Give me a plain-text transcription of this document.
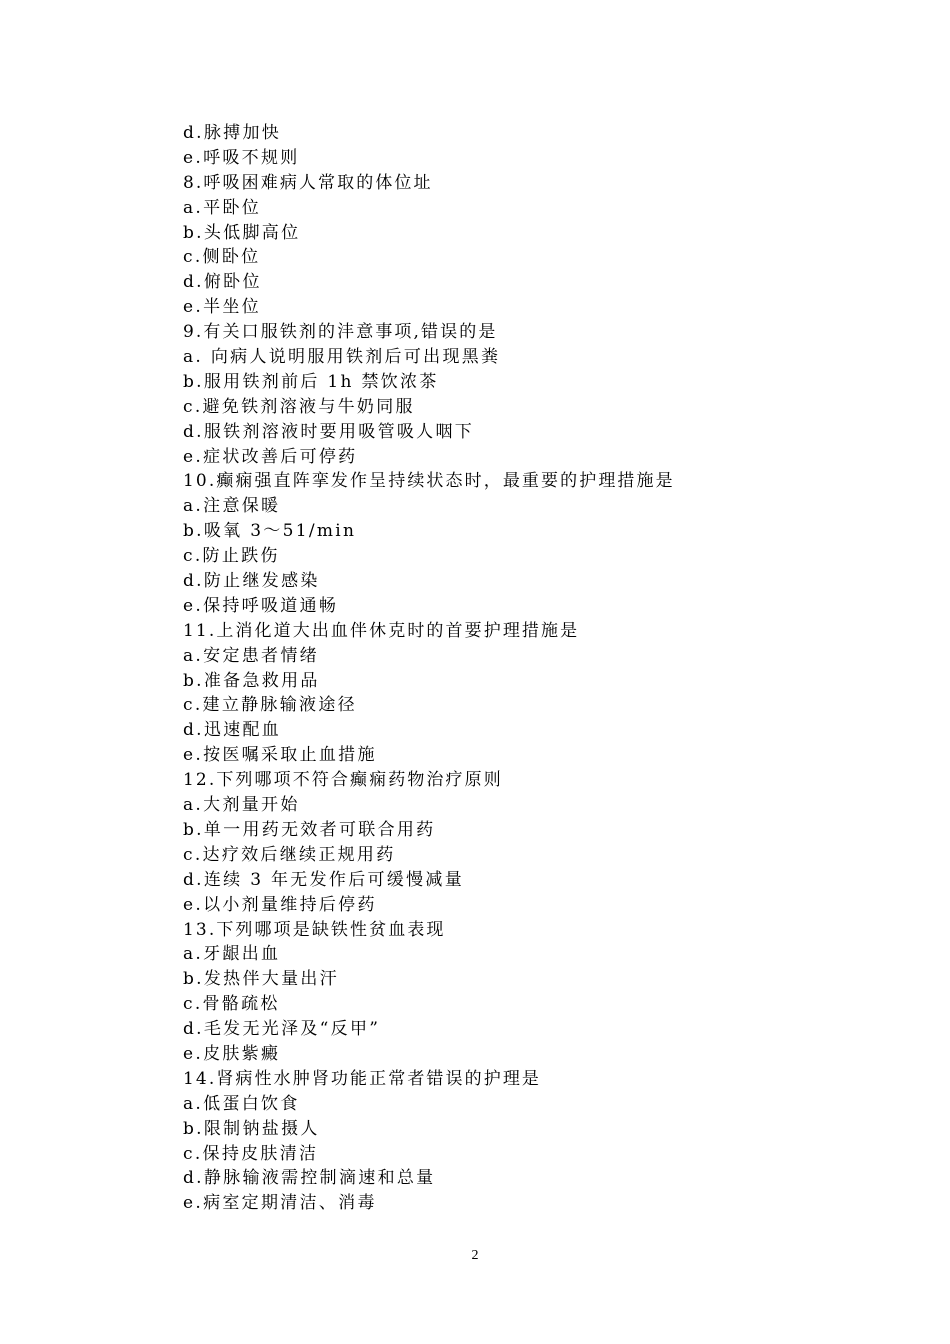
d.脉搏加快
e.呼吸不规则
8.呼吸困难病人常取的体位址
a.平卧位
b.头低脚高位
c.侧卧位
d.俯卧位
e.半坐位
9.有关口服铁剂的沣意事项,错误的是
a. 向病人说明服用铁剂后可出现黑粪
b.服用铁剂前后 1h 禁饮浓茶
c.避免铁剂溶液与牛奶同服
d.服铁剂溶液时要用吸管吸人咽下
e.症状改善后可停药
10.癫痫强直阵挛发作呈持续状态时，最重要的护理措施是
a.注意保暖
b.吸氧 3～51/min
c.防止跌伤
d.防止继发感染
e.保持呼吸道通畅
11.上消化道大出血伴休克时的首要护理措施是
a.安定患者情绪
b.准备急救用品
c.建立静脉输液途径
d.迅速配血
e.按医嘱采取止血措施
12.下列哪项不符合癫痫药物治疗原则
a.大剂量开始
b.单一用药无效者可联合用药
c.达疗效后继续正规用药
d.连续 3 年无发作后可缓慢减量
e.以小剂量维持后停药
13.下列哪项是缺铁性贫血表现
a.牙龈出血
b.发热伴大量出汗
c.骨骼疏松
d.毛发无光泽及“反甲”
e.皮肤紫癜
14.肾病性水肿肾功能正常者错误的护理是
a.低蛋白饮食
b.限制钠盐摄人
c.保持皮肤清洁
d.静脉输液需控制滴速和总量
e.病室定期清洁、消毒
2
